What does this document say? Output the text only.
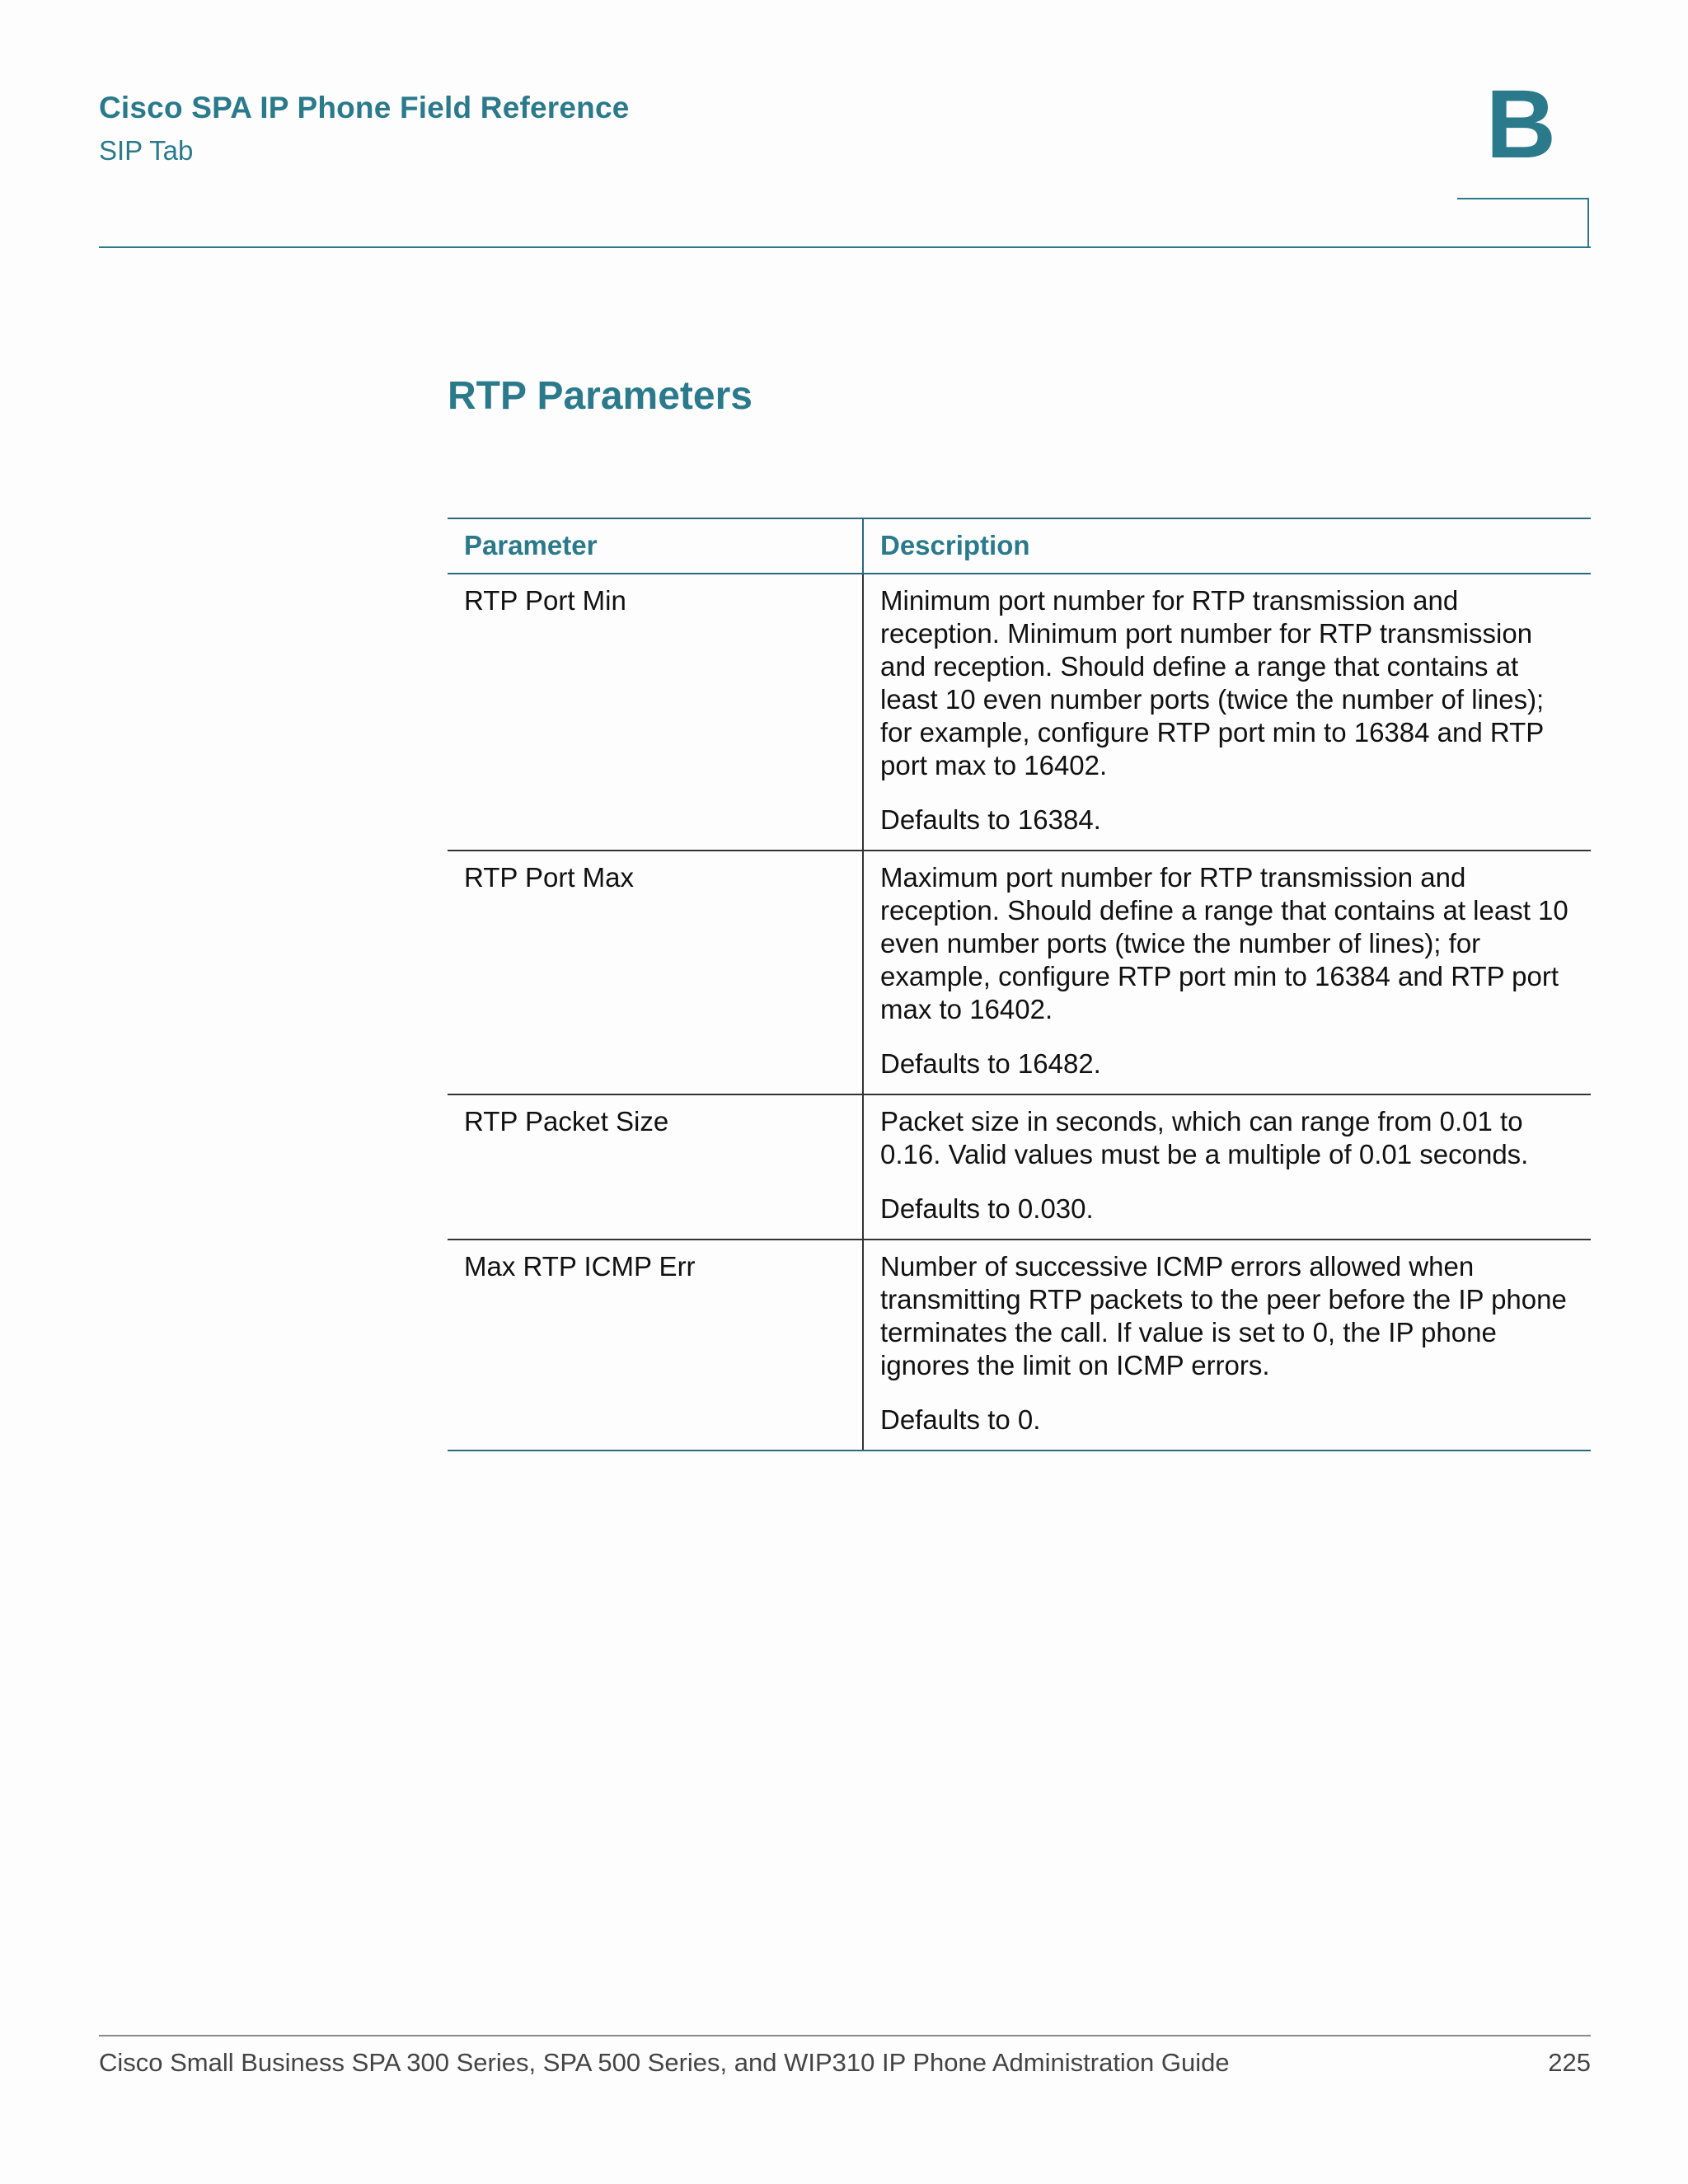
Cisco SPA IP Phone Field Reference
SIP Tab	B
RTP Parameters
Parameter	Description
RTP Port Min	Minimum port number for RTP transmission and reception. Minimum port number for RTP transmission and reception. Should define a range that contains at least 10 even number ports (twice the number of lines); for example, configure RTP port min to 16384 and RTP port max to 16402.

Defaults to 16384.

RTP Port Max	Maximum port number for RTP transmission and reception. Should define a range that contains at least 10 even number ports (twice the number of lines); for example, configure RTP port min to 16384 and RTP port max to 16402.

Defaults to 16482.

RTP Packet Size	Packet size in seconds, which can range from 0.01 to 0.16. Valid values must be a multiple of 0.01 seconds.

Defaults to 0.030.

Max RTP ICMP Err	Number of successive ICMP errors allowed when transmitting RTP packets to the peer before the IP phone terminates the call. If value is set to 0, the IP phone ignores the limit on ICMP errors.

Defaults to 0.

Cisco Small Business SPA 300 Series, SPA 500 Series, and WIP310 IP Phone Administration Guide	225
